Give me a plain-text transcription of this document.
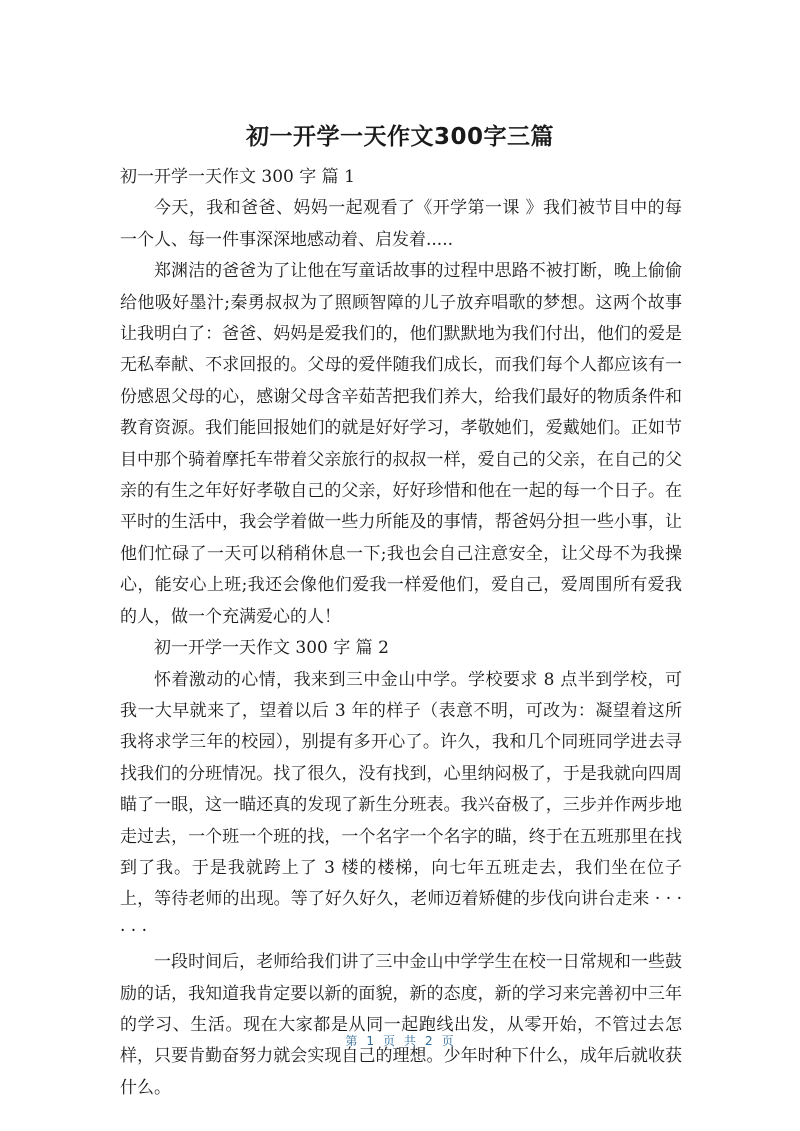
初一开学一天作文300字三篇

初一开学一天作文 300 字 篇 1

今天，我和爸爸、妈妈一起观看了《开学第一课 》我们被节目中的每一个人、每一件事深深地感动着、启发着.....

郑渊洁的爸爸为了让他在写童话故事的过程中思路不被打断，晚上偷偷给他吸好墨汁;秦勇叔叔为了照顾智障的儿子放弃唱歌的梦想。这两个故事让我明白了：爸爸、妈妈是爱我们的，他们默默地为我们付出，他们的爱是无私奉献、不求回报的。父母的爱伴随我们成长，而我们每个人都应该有一份感恩父母的心，感谢父母含辛茹苦把我们养大，给我们最好的物质条件和教育资源。我们能回报她们的就是好好学习，孝敬她们，爱戴她们。正如节目中那个骑着摩托车带着父亲旅行的叔叔一样，爱自己的父亲，在自己的父亲的有生之年好好孝敬自己的父亲，好好珍惜和他在一起的每一个日子。在平时的生活中，我会学着做一些力所能及的事情，帮爸妈分担一些小事，让他们忙碌了一天可以稍稍休息一下;我也会自己注意安全，让父母不为我操心，能安心上班;我还会像他们爱我一样爱他们，爱自己，爱周围所有爱我的人，做一个充满爱心的人！

初一开学一天作文 300 字 篇 2

怀着激动的心情，我来到三中金山中学。学校要求 8 点半到学校，可我一大早就来了，望着以后 3 年的样子（表意不明，可改为：凝望着这所我将求学三年的校园），别提有多开心了。许久，我和几个同班同学进去寻找我们的分班情况。找了很久，没有找到，心里纳闷极了，于是我就向四周瞄了一眼，这一瞄还真的发现了新生分班表。我兴奋极了，三步并作两步地走过去，一个班一个班的找，一个名字一个名字的瞄，终于在五班那里在找到了我。于是我就跨上了 3 楼的楼梯，向七年五班走去，我们坐在位子上，等待老师的出现。等了好久好久，老师迈着矫健的步伐向讲台走来 · · · · · ·

一段时间后，老师给我们讲了三中金山中学学生在校一日常规和一些鼓励的话，我知道我肯定要以新的面貌，新的态度，新的学习来完善初中三年的学习、生活。现在大家都是从同一起跑线出发，从零开始，不管过去怎样，只要肯勤奋努力就会实现自己的理想。少年时种下什么，成年后就收获什么。

第 1 页 共 2 页
